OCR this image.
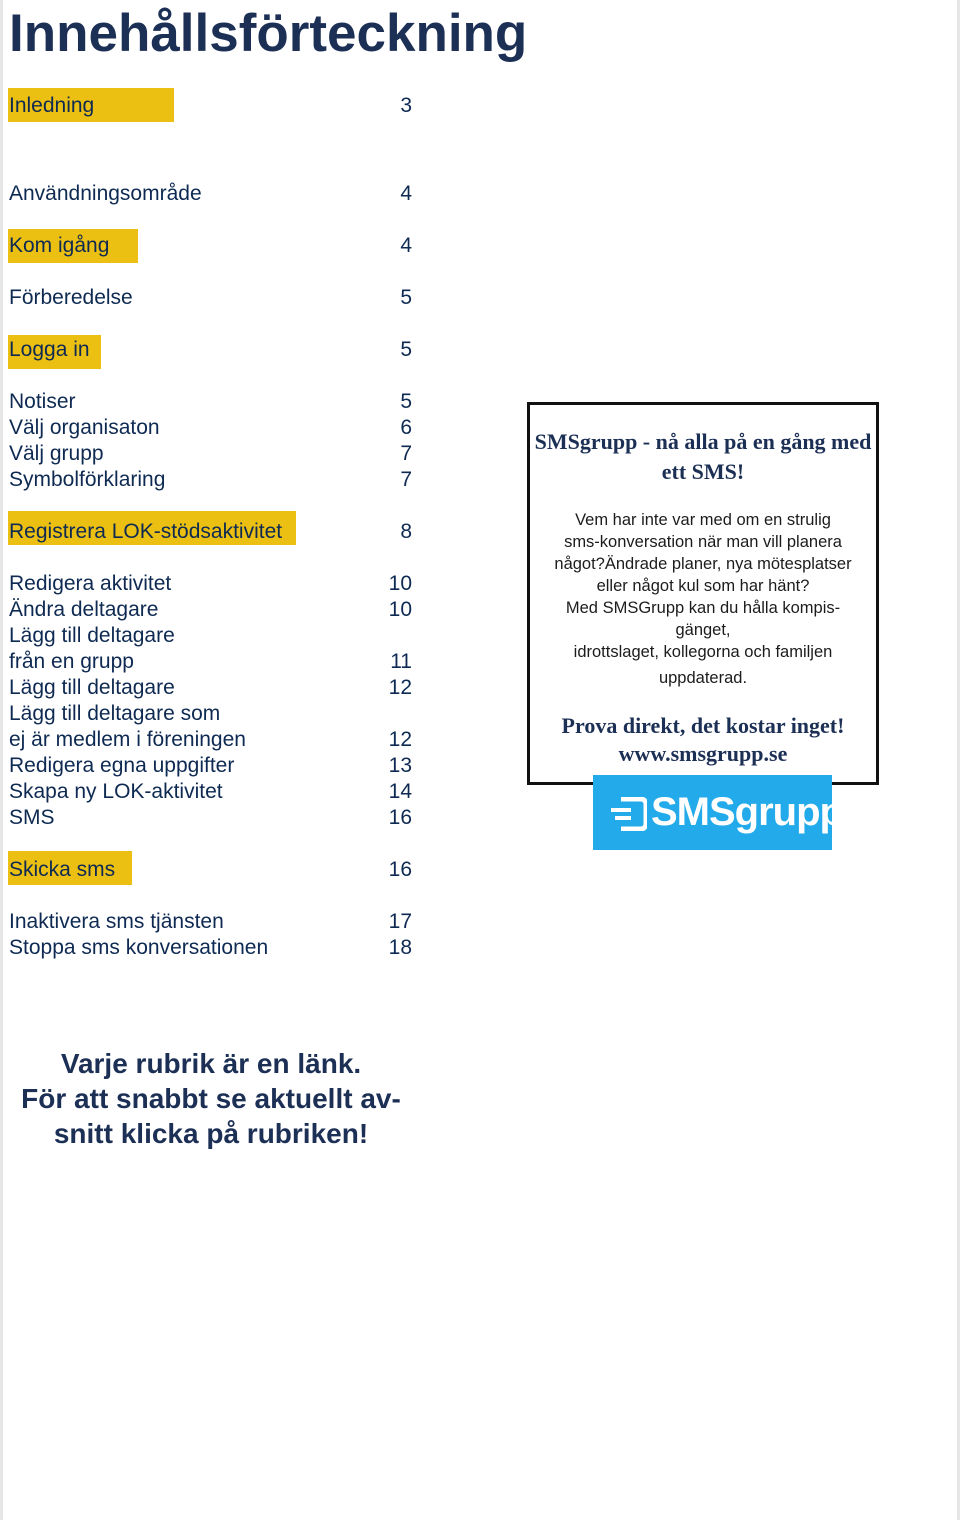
Innehållsförteckning
Inledning	3
Användningsområde	4
Kom igång	4
Förberedelse	5
Logga in	5
Notiser	5
Välj organisaton	6
Välj grupp	7
Symbolförklaring	7
Registrera LOK-stödsaktivitet	8
Redigera aktivitet	10
Ändra deltagare	10
Lägg till deltagare
från en grupp	11
Lägg till deltagare	12
Lägg till deltagare som
ej är medlem i föreningen	12
Redigera egna uppgifter	13
Skapa ny LOK-aktivitet	14
SMS	16
Skicka sms	16
Inaktivera sms tjänsten	17
Stoppa sms konversationen	18
SMSgrupp - nå alla på en gång med ett SMS!
Vem har inte var med om en strulig
sms-konversation när man vill planera
något?Ändrade planer, nya mötesplatser
eller något kul som har hänt?
Med SMSGrupp kan du hålla kompis-
gänget,
idrottslaget, kollegorna och familjen
uppdaterad.
Prova direkt, det kostar inget!
www.smsgrupp.se
SMSgrupp
Varje rubrik är en länk.
För att snabbt se aktuellt av-
snitt klicka på rubriken!
